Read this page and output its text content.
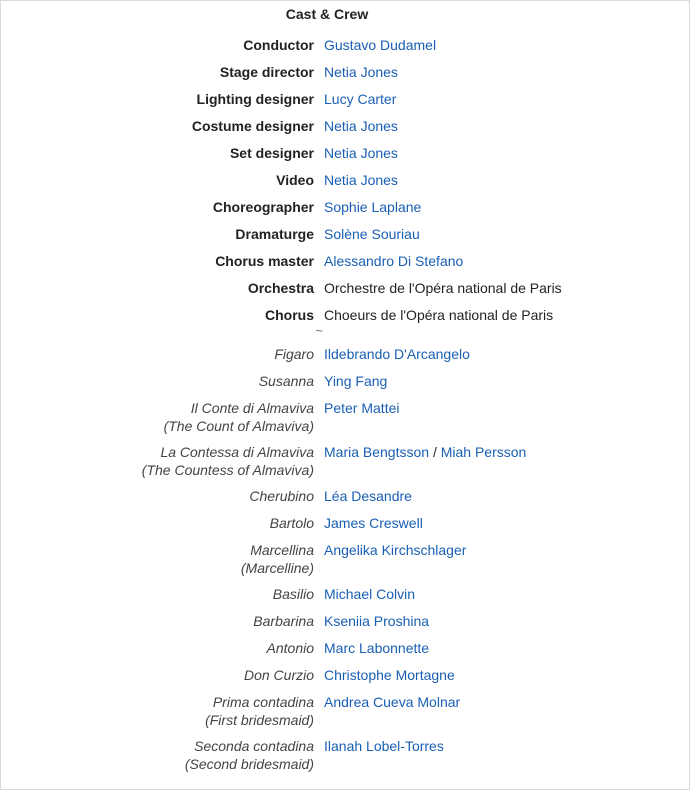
Cast & Crew
Conductor Gustavo Dudamel
Stage director Netia Jones
Lighting designer Lucy Carter
Costume designer Netia Jones
Set designer Netia Jones
Video Netia Jones
Choreographer Sophie Laplane
Dramaturge Solène Souriau
Chorus master Alessandro Di Stefano
Orchestra Orchestre de l'Opéra national de Paris
Chorus Choeurs de l'Opéra national de Paris
~
Figaro Ildebrando D'Arcangelo
Susanna Ying Fang
Il Conte di Almaviva
(The Count of Almaviva)
Peter Mattei
La Contessa di Almaviva
(The Countess of Almaviva)
Maria Bengtsson / Miah Persson
Cherubino Léa Desandre
Bartolo James Creswell
Marcellina
(Marcelline)
Angelika Kirchschlager
Basilio Michael Colvin
Barbarina Kseniia Proshina
Antonio Marc Labonnette
Don Curzio Christophe Mortagne
Prima contadina
(First bridesmaid)
Andrea Cueva Molnar
Seconda contadina
(Second bridesmaid)
Ilanah Lobel-Torres
